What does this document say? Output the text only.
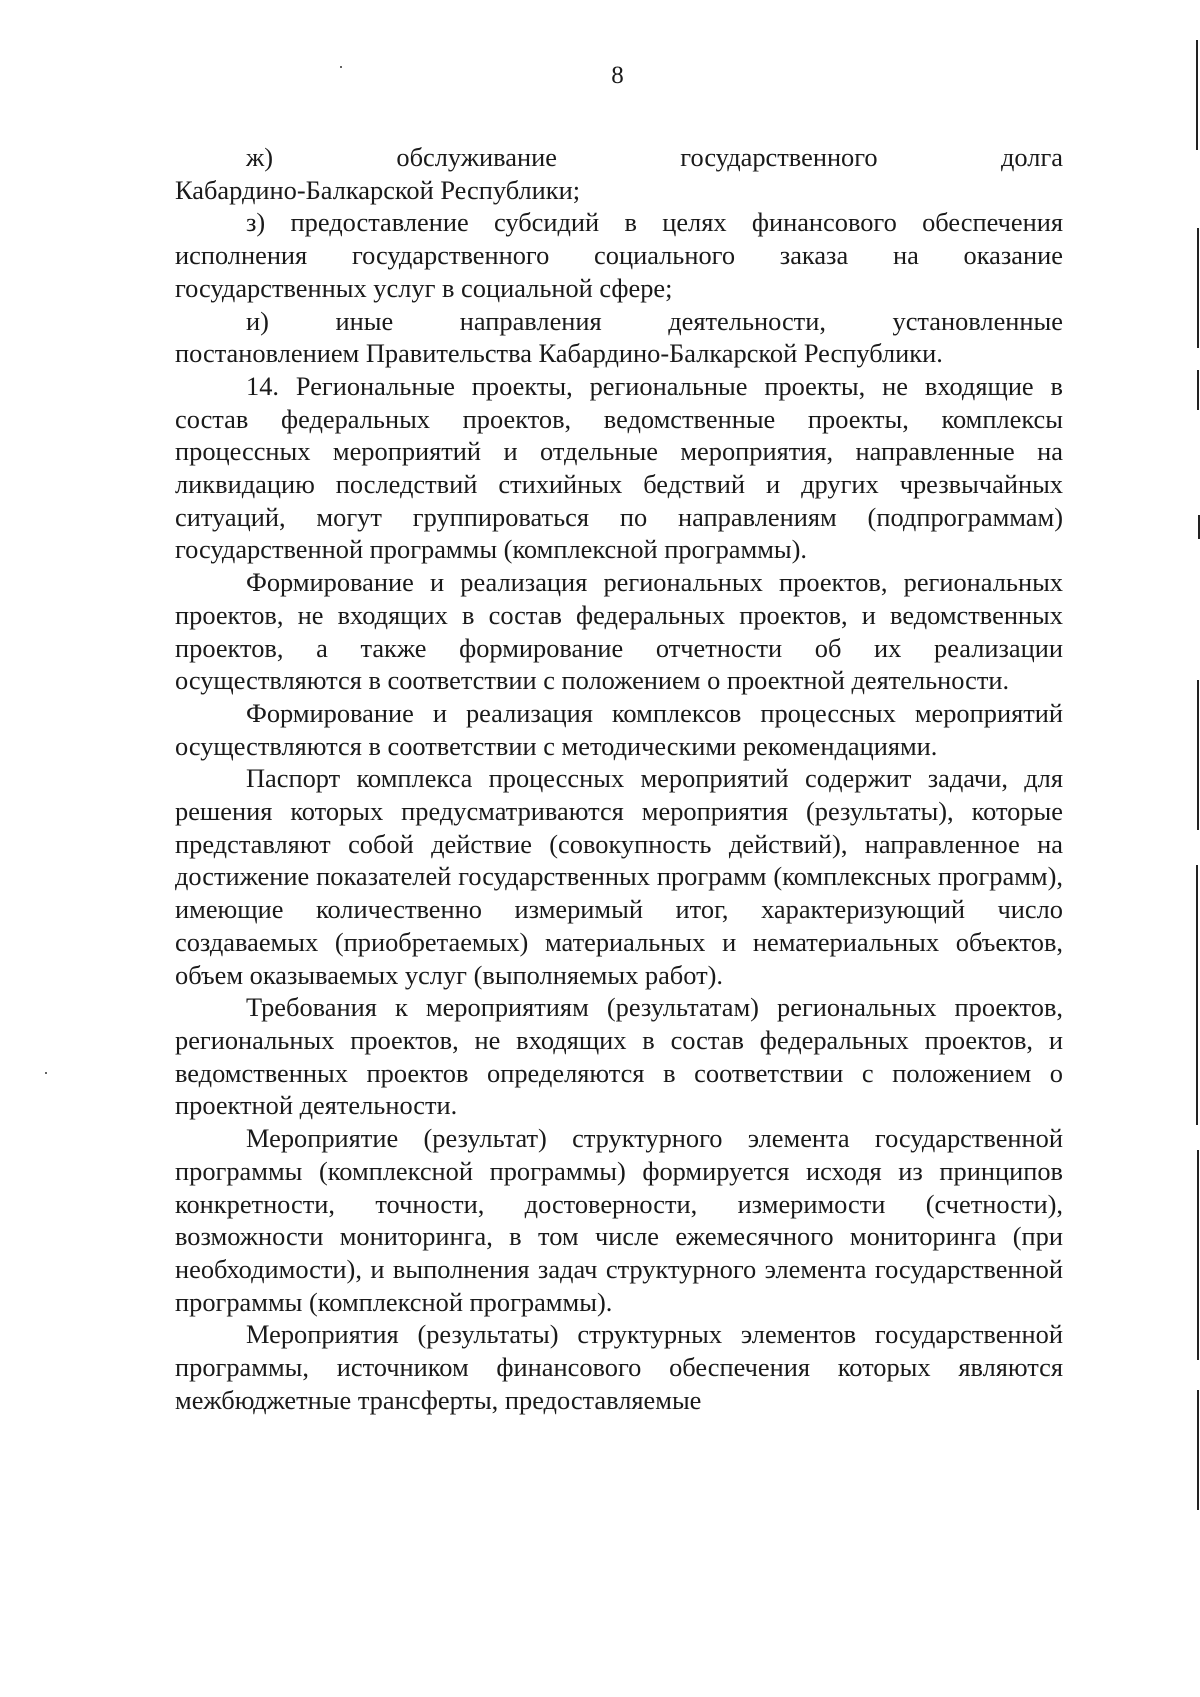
8

ж) обслуживание государственного долга
Кабардино-Балкарской Республики;

з) предоставление субсидий в целях финансового обеспечения исполнения государственного социального заказа на оказание государственных услуг в социальной сфере;

и) иные направления деятельности, установленные
постановлением Правительства Кабардино-Балкарской Республики.

14. Региональные проекты, региональные проекты, не входящие в состав федеральных проектов, ведомственные проекты, комплексы процессных мероприятий и отдельные мероприятия, направленные на ликвидацию последствий стихийных бедствий и других чрезвычайных ситуаций, могут группироваться по направлениям (подпрограммам) государственной программы (комплексной программы).

Формирование и реализация региональных проектов, региональных проектов, не входящих в состав федеральных проектов, и ведомственных проектов, а также формирование отчетности об их реализации осуществляются в соответствии с положением о проектной деятельности.

Формирование и реализация комплексов процессных мероприятий осуществляются в соответствии с методическими рекомендациями.

Паспорт комплекса процессных мероприятий содержит задачи, для решения которых предусматриваются мероприятия (результаты), которые представляют собой действие (совокупность действий), направленное на достижение показателей государственных программ (комплексных программ), имеющие количественно измеримый итог, характеризующий число создаваемых (приобретаемых) материальных и нематериальных объектов, объем оказываемых услуг (выполняемых работ).

Требования к мероприятиям (результатам) региональных проектов, региональных проектов, не входящих в состав федеральных проектов, и ведомственных проектов определяются в соответствии с положением о проектной деятельности.

Мероприятие (результат) структурного элемента государственной программы (комплексной программы) формируется исходя из принципов конкретности, точности, достоверности, измеримости (счетности), возможности мониторинга, в том числе ежемесячного мониторинга (при необходимости), и выполнения задач структурного элемента государственной программы (комплексной программы).

Мероприятия (результаты) структурных элементов государственной программы, источником финансового обеспечения которых являются межбюджетные трансферты, предоставляемые
